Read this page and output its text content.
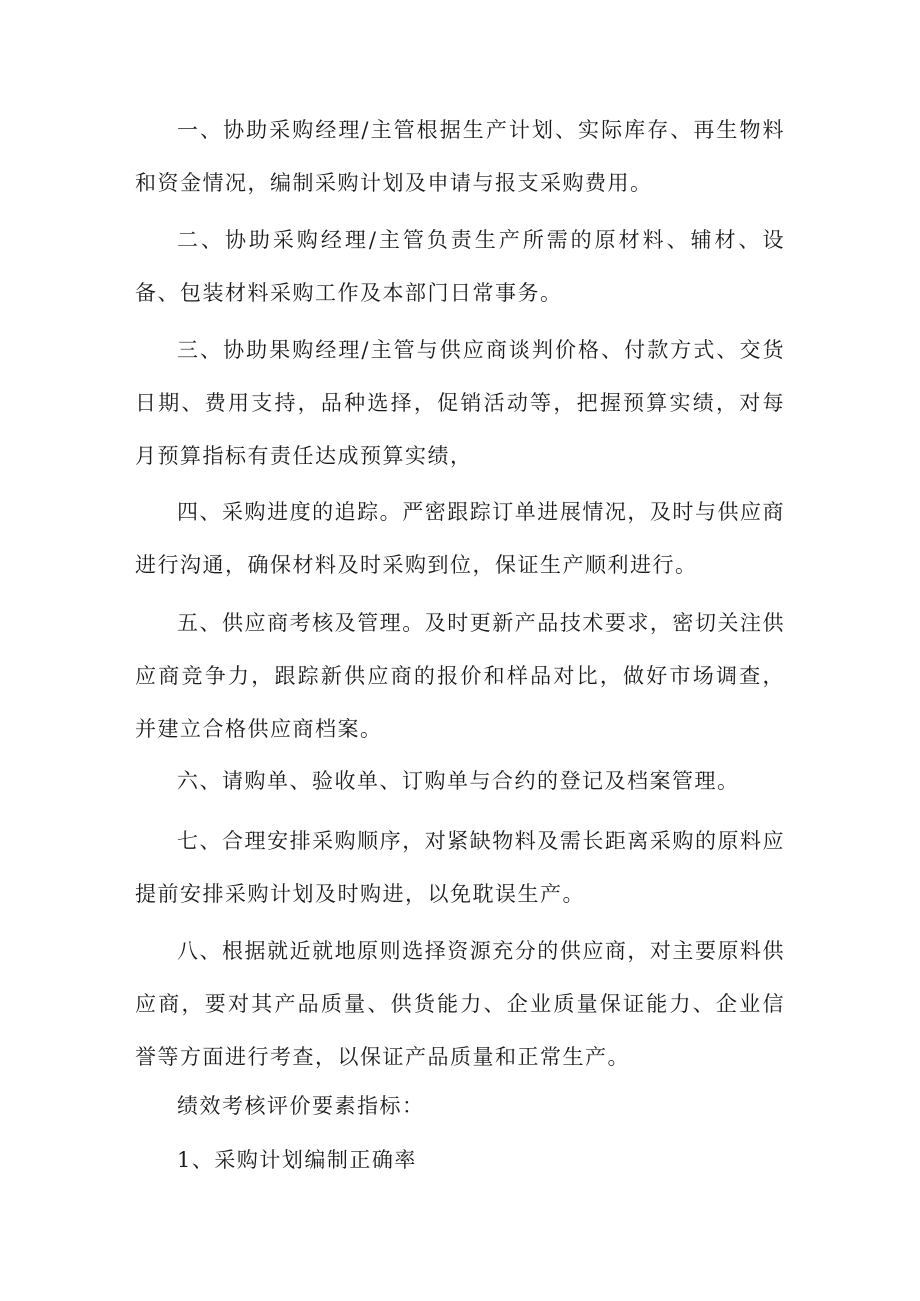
一、协助采购经理/主管根据生产计划、实际库存、再生物料和资金情况，编制采购计划及申请与报支采购费用。

二、协助采购经理/主管负责生产所需的原材料、辅材、设备、包装材料采购工作及本部门日常事务。

三、协助果购经理/主管与供应商谈判价格、付款方式、交货日期、费用支持，品种选择，促销活动等，把握预算实绩，对每月预算指标有责任达成预算实绩，

四、采购进度的追踪。严密跟踪订单进展情况，及时与供应商进行沟通，确保材料及时采购到位，保证生产顺利进行。

五、供应商考核及管理。及时更新产品技术要求，密切关注供应商竞争力，跟踪新供应商的报价和样品对比，做好市场调查，并建立合格供应商档案。

六、请购单、验收单、订购单与合约的登记及档案管理。

七、合理安排采购顺序，对紧缺物料及需长距离采购的原料应提前安排采购计划及时购进，以免耽误生产。

八、根据就近就地原则选择资源充分的供应商，对主要原料供应商，要对其产品质量、供货能力、企业质量保证能力、企业信誉等方面进行考查，以保证产品质量和正常生产。

绩效考核评价要素指标：

1、采购计划编制正确率
